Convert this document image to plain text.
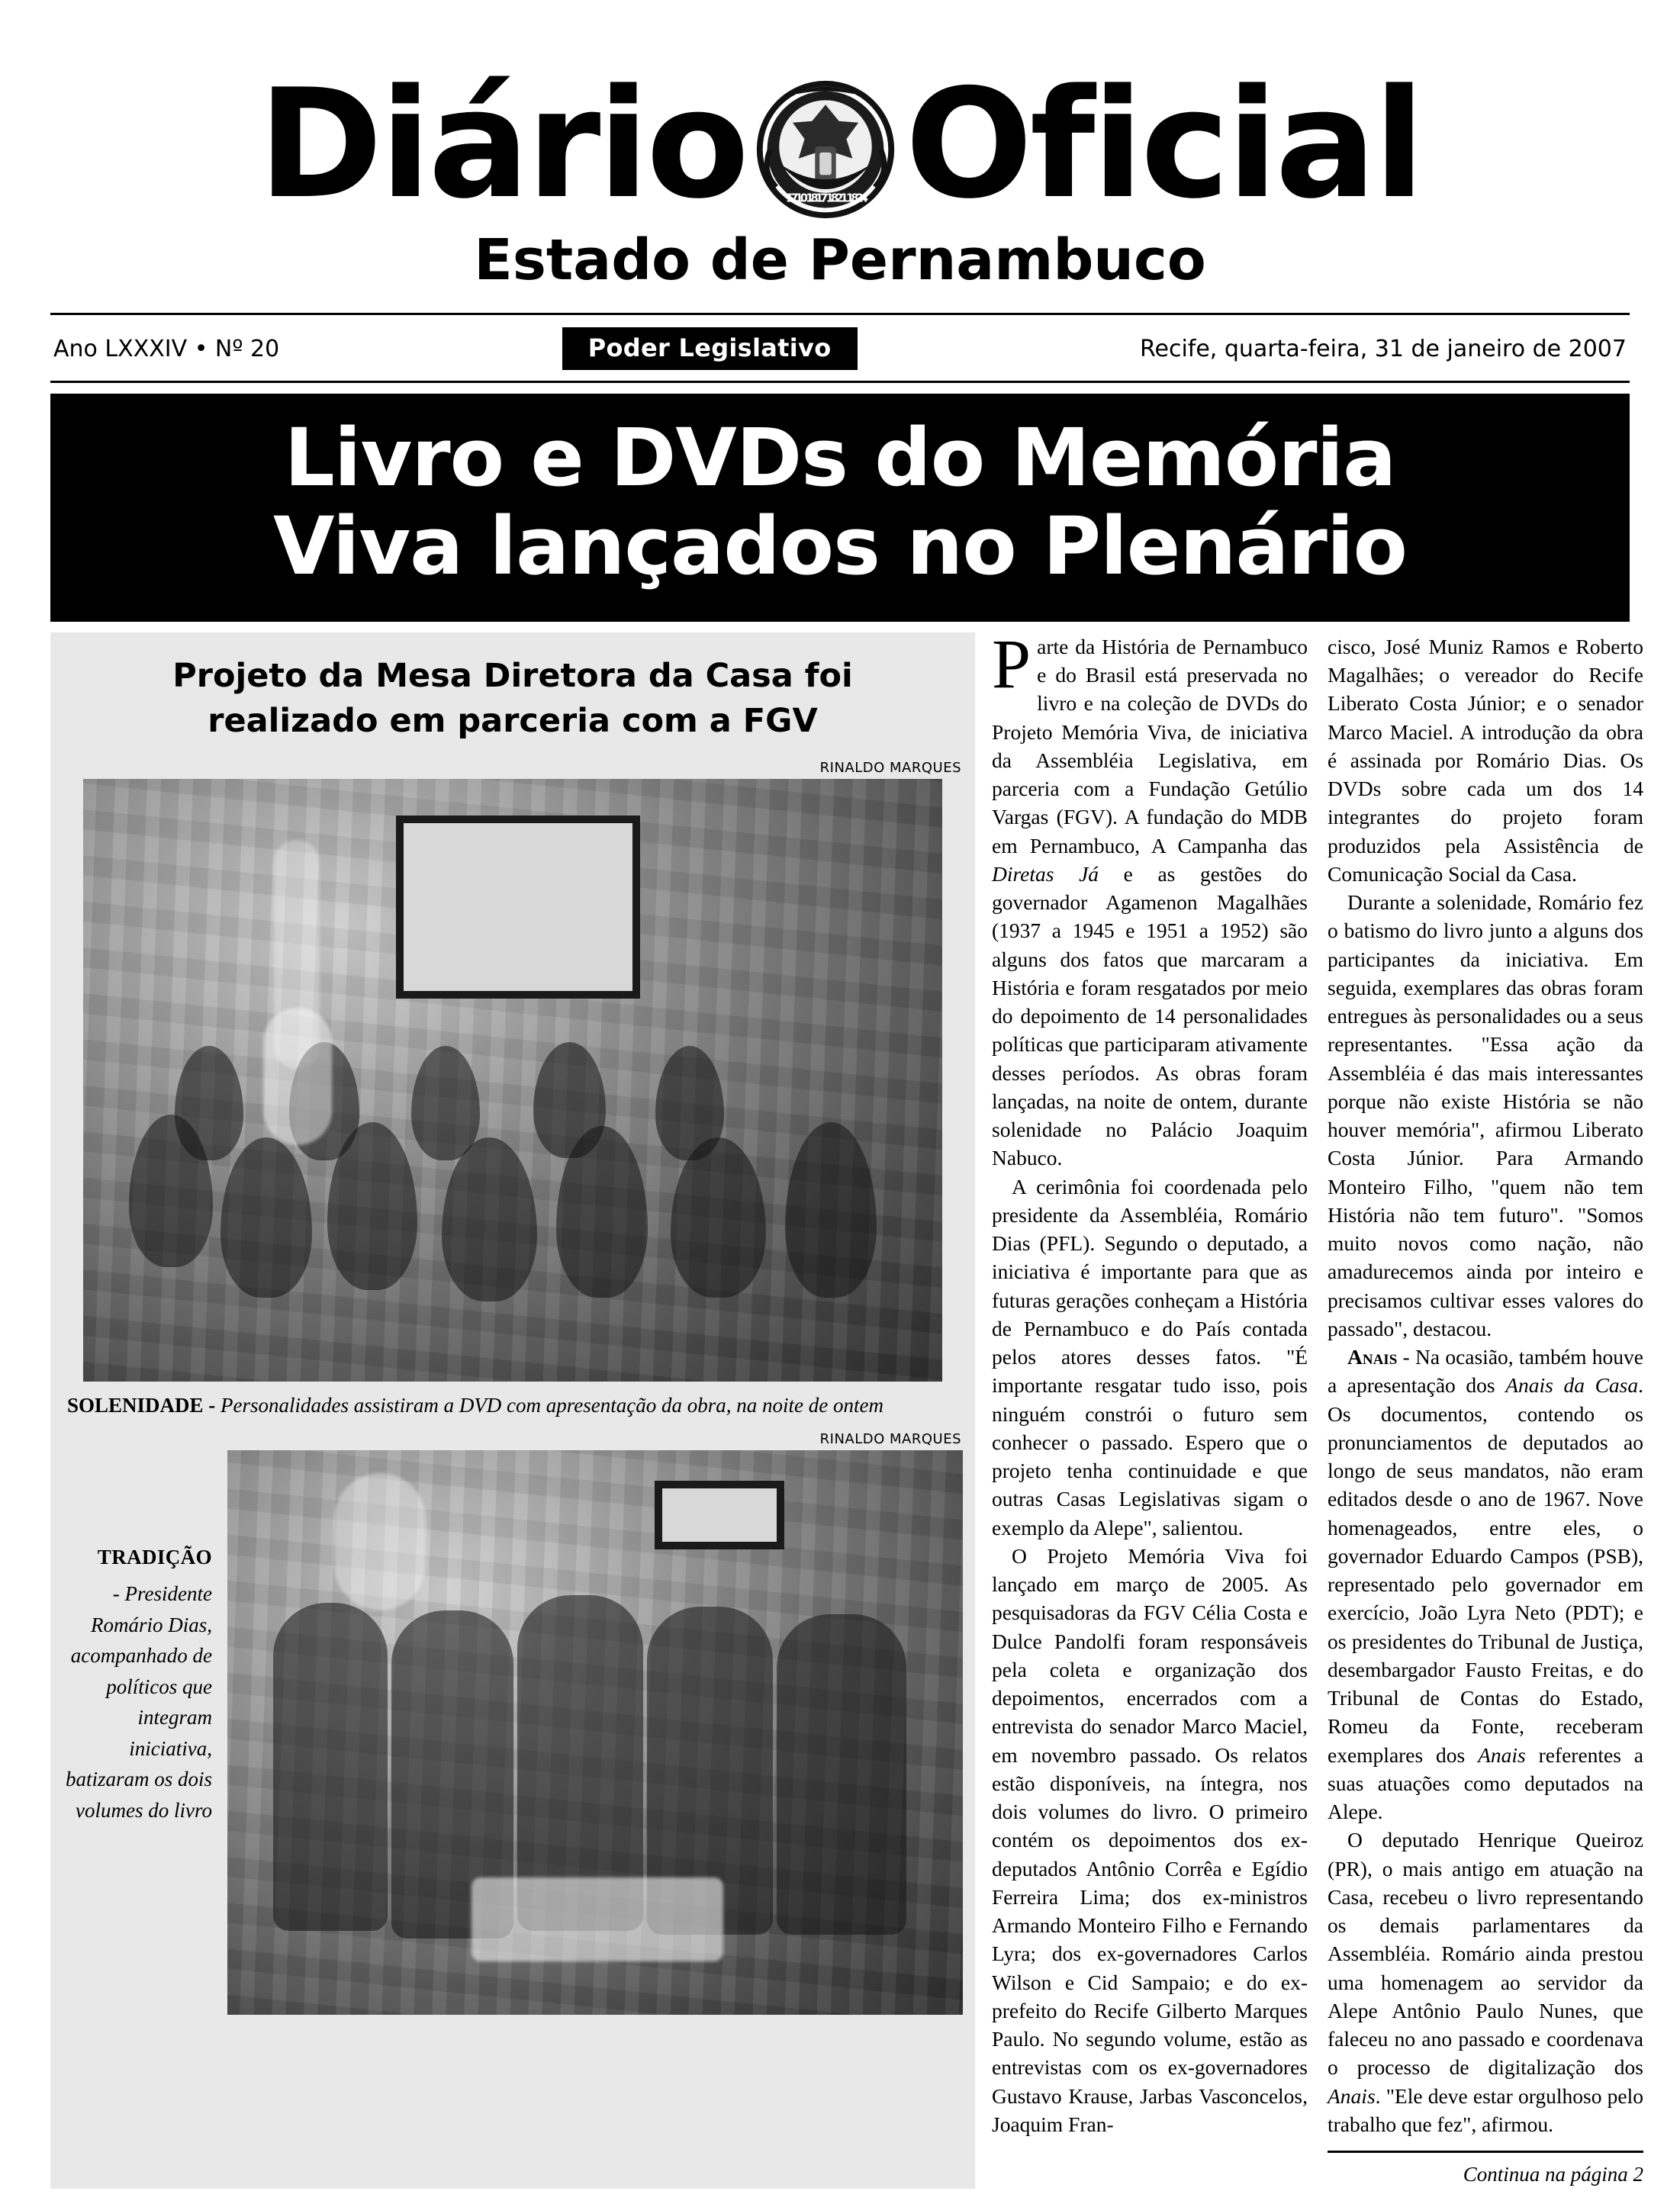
Diário	1710 1817 1821 1824 Oficial
Estado de Pernambuco
Ano LXXXIV • Nº 20	Poder Legislativo	Recife, quarta-feira, 31 de janeiro de 2007
Livro e DVDs do Memória
Viva lançados no Plenário
Projeto da Mesa Diretora da Casa foi
realizado em parceria com a FGV
RINALDO MARQUES
SOLENIDADE - Personalidades assistiram a DVD com apresentação da obra, na noite de ontem
RINALDO MARQUES
TRADIÇÃO
- Presidente Romário Dias, acompanhado de políticos que integram iniciativa, batizaram os dois volumes do livro

Parte da História de Pernambuco e do Brasil está preservada no livro e na coleção de DVDs do Projeto Memória Viva, de iniciativa da Assembléia Legislativa, em parceria com a Fundação Getúlio Vargas (FGV). A fundação do MDB em Pernambuco, A Campanha das Diretas Já e as gestões do governador Agamenon Magalhães (1937 a 1945 e 1951 a 1952) são alguns dos fatos que marcaram a História e foram resgatados por meio do depoimento de 14 personalidades políticas que participaram ativamente desses períodos. As obras foram lançadas, na noite de ontem, durante solenidade no Palácio Joaquim Nabuco.

A cerimônia foi coordenada pelo presidente da Assembléia, Romário Dias (PFL). Segundo o deputado, a iniciativa é importante para que as futuras gerações conheçam a História de Pernambuco e do País contada pelos atores desses fatos. "É importante resgatar tudo isso, pois ninguém constrói o futuro sem conhecer o passado. Espero que o projeto tenha continuidade e que outras Casas Legislativas sigam o exemplo da Alepe", salientou.

O Projeto Memória Viva foi lançado em março de 2005. As pesquisadoras da FGV Célia Costa e Dulce Pandolfi foram responsáveis pela coleta e organização dos depoimentos, encerrados com a entrevista do senador Marco Maciel, em novembro passado. Os relatos estão disponíveis, na íntegra, nos dois volumes do livro. O primeiro contém os depoimentos dos ex-deputados Antônio Corrêa e Egídio Ferreira Lima; dos ex-ministros Armando Monteiro Filho e Fernando Lyra; dos ex-governadores Carlos Wilson e Cid Sampaio; e do ex-prefeito do Recife Gilberto Marques Paulo. No segundo volume, estão as entrevistas com os ex-governadores Gustavo Krause, Jarbas Vasconcelos, Joaquim Fran-

cisco, José Muniz Ramos e Roberto Magalhães; o vereador do Recife Liberato Costa Júnior; e o senador Marco Maciel. A introdução da obra é assinada por Romário Dias. Os DVDs sobre cada um dos 14 integrantes do projeto foram produzidos pela Assistência de Comunicação Social da Casa.

Durante a solenidade, Romário fez o batismo do livro junto a alguns dos participantes da iniciativa. Em seguida, exemplares das obras foram entregues às personalidades ou a seus representantes. "Essa ação da Assembléia é das mais interessantes porque não existe História se não houver memória", afirmou Liberato Costa Júnior. Para Armando Monteiro Filho, "quem não tem História não tem futuro". "Somos muito novos como nação, não amadurecemos ainda por inteiro e precisamos cultivar esses valores do passado", destacou.

Anais - Na ocasião, também houve a apresentação dos Anais da Casa. Os documentos, contendo os pronunciamentos de deputados ao longo de seus mandatos, não eram editados desde o ano de 1967. Nove homenageados, entre eles, o governador Eduardo Campos (PSB), representado pelo governador em exercício, João Lyra Neto (PDT); e os presidentes do Tribunal de Justiça, desembargador Fausto Freitas, e do Tribunal de Contas do Estado, Romeu da Fonte, receberam exemplares dos Anais referentes a suas atuações como deputados na Alepe.

O deputado Henrique Queiroz (PR), o mais antigo em atuação na Casa, recebeu o livro representando os demais parlamentares da Assembléia. Romário ainda prestou uma homenagem ao servidor da Alepe Antônio Paulo Nunes, que faleceu no ano passado e coordenava o processo de digitalização dos Anais. "Ele deve estar orgulhoso pelo trabalho que fez", afirmou.

Continua na página 2
